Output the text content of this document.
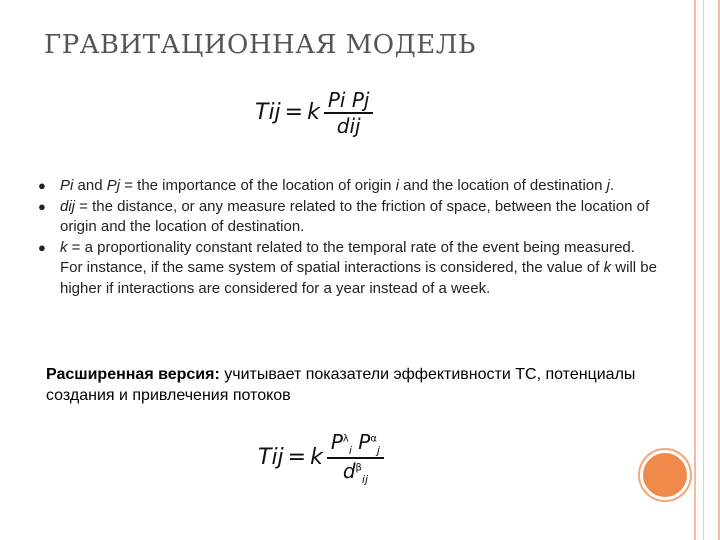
ГРАВИТАЦИОННАЯ МОДЕЛЬ
Tij = k $\frac{\text{Pi Pj}}{\text{dij}}$
● Pi and Pj = the importance of the location of origin i and the location of destination j.
● dij = the distance, or any measure related to the friction of space, between the location of origin and the location of destination.
● k = a proportionality constant related to the temporal rate of the event being measured.
For instance, if the same system of spatial interactions is considered, the value of k will be higher if interactions are considered for a year instead of a week.
Расширенная версия: учитывает показатели эффективности ТС, потенциалы создания и привлечения потоков
Tij = k $\frac{P^\lambda_i P^\alpha_j}{d^\beta_{ij}}$
